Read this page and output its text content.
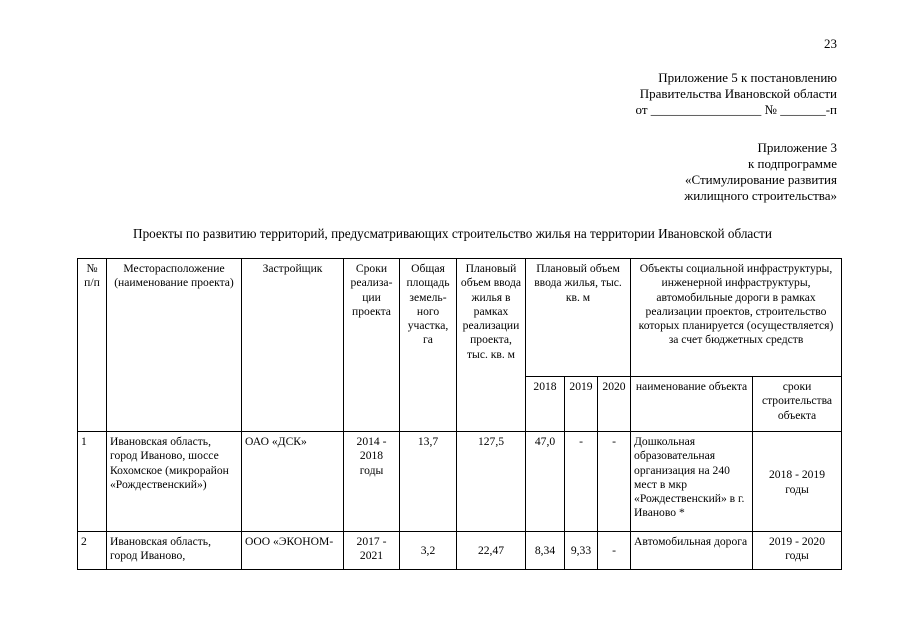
23
Приложение 5 к постановлению
Правительства Ивановской области
от _________________ № _______-п
Приложение 3
к подпрограмме
«Стимулирование развития
жилищного строительства»
Проекты по развитию территорий, предусматривающих строительство жилья на территории Ивановской области
№ п/п	Месторасположение (наименование проекта)	Застройщик	Сроки реализа-ции проекта	Общая площадь земель-ного участка, га	Плановый объем ввода жилья в рамках реализации проекта, тыс. кв. м	Плановый объем ввода жилья, тыс. кв. м			Объекты социальной инфраструктуры, инженерной инфраструктуры, автомобильные дороги в рамках реализации проектов, строительство которых планируется (осуществляется) за счет бюджетных средств	
						2018	2019	2020	наименование объекта	сроки строительства объекта
1	Ивановская область, город Иваново, шоссе Кохомское (микрорайон «Рождественский»)	ОАО «ДСК»	2014 - 2018 годы	13,7	127,5	47,0	-	-	Дошкольная образовательная организация на 240 мест в мкр «Рождественский» в г. Иваново *	2018 - 2019 годы
2	Ивановская область, город Иваново,	ООО «ЭКОНОМ-	2017 - 2021	3,2	22,47	8,34	9,33	-	Автомобильная дорога	2019 - 2020 годы
